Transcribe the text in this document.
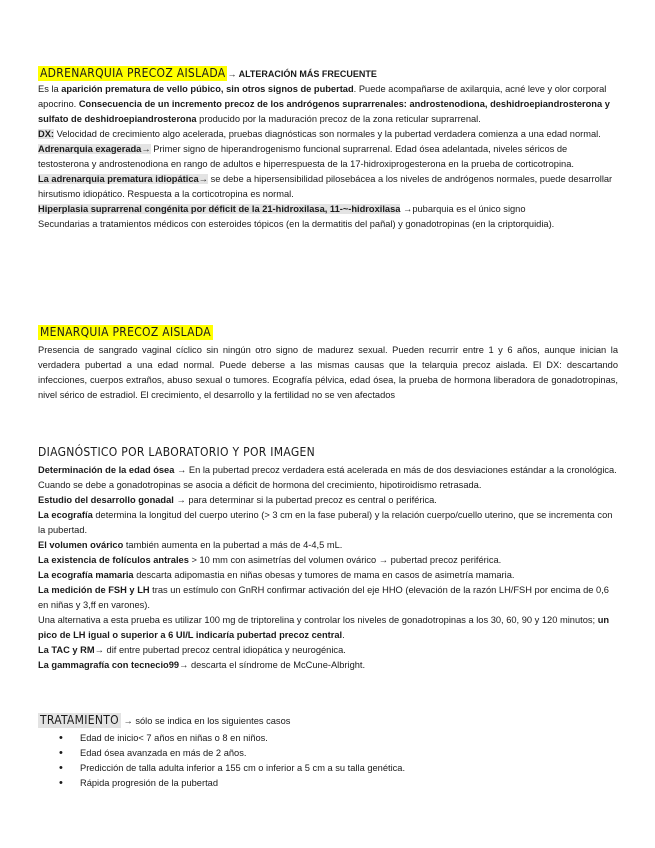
ADRENARQUIA PRECOZ AISLADA → ALTERACIÓN MÁS FRECUENTE

Es la aparición prematura de vello púbico, sin otros signos de pubertad. Puede acompañarse de axilarquia, acné leve y olor corporal apocrino. Consecuencia de un incremento precoz de los andrógenos suprarrenales: androstenodiona, deshidroepiandrosterona y sulfato de deshidroepiandrosterona producido por la maduración precoz de la zona reticular suprarrenal.

DX: Velocidad de crecimiento algo acelerada, pruebas diagnósticas son normales y la pubertad verdadera comienza a una edad normal.

Adrenarquia exagerada→ Primer signo de hiperandrogenismo funcional suprarrenal. Edad ósea adelantada, niveles séricos de testosterona y androstenodiona en rango de adultos e hiperrespuesta de la 17-hidroxiprogesterona en la prueba de corticotropina.

La adrenarquia prematura idiopática→ se debe a hipersensibilidad pilosebácea a los niveles de andrógenos normales, puede desarrollar hirsutismo idiopático. Respuesta a la corticotropina es normal.

Hiperplasia suprarrenal congénita por déficit de la 21-hidroxilasa, 11-~-hidroxilasa →pubarquia es el único signo

Secundarias a tratamientos médicos con esteroides tópicos (en la dermatitis del pañal) y gonadotropinas (en la criptorquidia).

MENARQUIA PRECOZ AISLADA

Presencia de sangrado vaginal cíclico sin ningún otro signo de madurez sexual. Pueden recurrir entre 1 y 6 años, aunque inician la verdadera pubertad a una edad normal. Puede deberse a las mismas causas que la telarquia precoz aislada. El DX: descartando infecciones, cuerpos extraños, abuso sexual o tumores. Ecografía pélvica, edad ósea, la prueba de hormona liberadora de gonadotropinas, nivel sérico de estradiol. El crecimiento, el desarrollo y la fertilidad no se ven afectados

DIAGNÓSTICO POR LABORATORIO Y POR IMAGEN

Determinación de la edad ósea → En la pubertad precoz verdadera está acelerada en más de dos desviaciones estándar a la cronológica. Cuando se debe a gonadotropinas se asocia a déficit de hormona del crecimiento, hipotiroidismo retrasada.

Estudio del desarrollo gonadal → para determinar si la pubertad precoz es central o periférica.

La ecografía determina la longitud del cuerpo uterino (> 3 cm en la fase puberal) y la relación cuerpo/cuello uterino, que se incrementa con la pubertad.

El volumen ovárico también aumenta en la pubertad a más de 4-4,5 mL.

La existencia de folículos antrales > 10 mm con asimetrías del volumen ovárico → pubertad precoz periférica.

La ecografía mamaria descarta adipomastia en niñas obesas y tumores de mama en casos de asimetría mamaria.

La medición de FSH y LH tras un estímulo con GnRH confirmar activación del eje HHO (elevación de la razón LH/FSH por encima de 0,6 en niñas y 3,ff en varones).

Una alternativa a esta prueba es utilizar 100 mg de triptorelina y controlar los niveles de gonadotropinas a los 30, 60, 90 y 120 minutos; un pico de LH igual o superior a 6 UI/L indicaría pubertad precoz central.

La TAC y RM→ dif entre pubertad precoz central idiopática y neurogénica.

La gammagrafía con tecnecio99→ descarta el síndrome de McCune-Albright.

TRATAMIENTO → sólo se indica en los siguientes casos
• Edad de inicio< 7 años en niñas o 8 en niños.
• Edad ósea avanzada en más de 2 años.
• Predicción de talla adulta inferior a 155 cm o inferior a 5 cm a su talla genética.
• Rápida progresión de la pubertad
